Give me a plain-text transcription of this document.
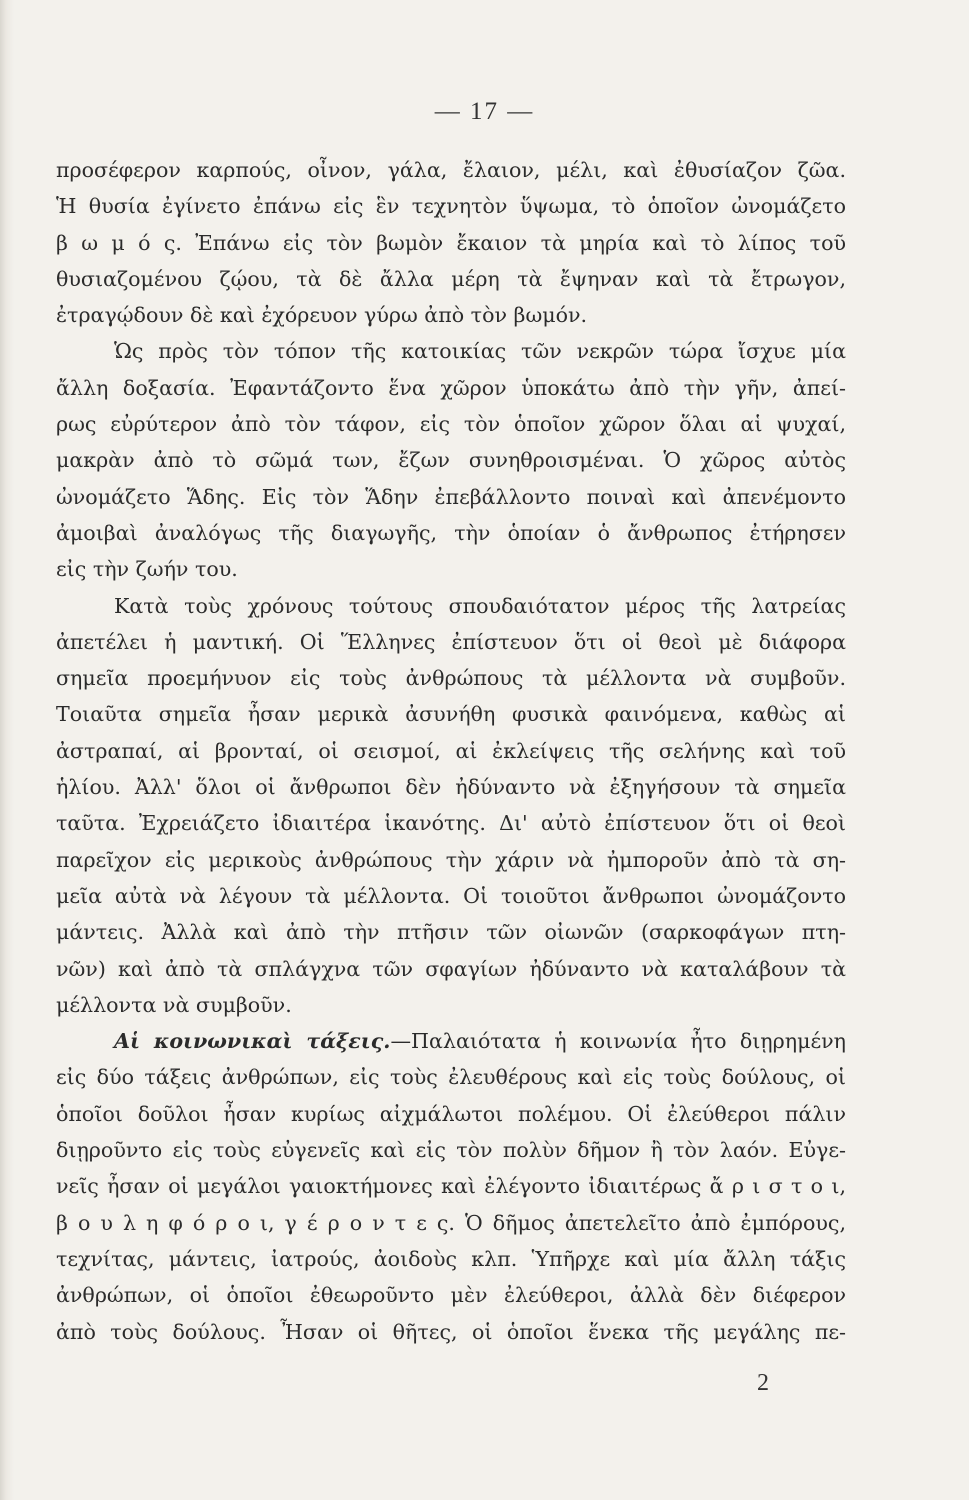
— 17 —
προσέφερον καρπούς, οἶνον, γάλα, ἔλαιον, μέλι, καὶ ἐθυσίαζον ζῶα.
Ἡ θυσία ἐγίνετο ἐπάνω εἰς ἓν τεχνητὸν ὕψωμα, τὸ ὁποῖον ὠνομάζετο
β ω μ ό ς. Ἐπάνω εἰς τὸν βωμὸν ἔκαιον τὰ μηρία καὶ τὸ λίπος τοῦ
θυσιαζομένου ζῴου, τὰ δὲ ἄλλα μέρη τὰ ἔψηναν καὶ τὰ ἔτρωγον,
ἐτραγῴδουν δὲ καὶ ἐχόρευον γύρω ἀπὸ τὸν βωμόν.
Ὡς πρὸς τὸν τόπον τῆς κατοικίας τῶν νεκρῶν τώρα ἴσχυε μία
ἄλλη δοξασία. Ἐφαντάζοντο ἕνα χῶρον ὑποκάτω ἀπὸ τὴν γῆν, ἀπεί-
ρως εὐρύτερον ἀπὸ τὸν τάφον, εἰς τὸν ὁποῖον χῶρον ὅλαι αἱ ψυχαί,
μακρὰν ἀπὸ τὸ σῶμά των, ἔζων συνηθροισμέναι. Ὁ χῶρος αὐτὸς
ὠνομάζετο Ἅδης. Εἰς τὸν Ἅδην ἐπεβάλλοντο ποιναὶ καὶ ἀπενέμοντο
ἀμοιβαὶ ἀναλόγως τῆς διαγωγῆς, τὴν ὁποίαν ὁ ἄνθρωπος ἐτήρησεν
εἰς τὴν ζωήν του.
Κατὰ τοὺς χρόνους τούτους σπουδαιότατον μέρος τῆς λατρείας
ἀπετέλει ἡ μαντική. Οἱ Ἕλληνες ἐπίστευον ὅτι οἱ θεοὶ μὲ διάφορα
σημεῖα προεμήνυον εἰς τοὺς ἀνθρώπους τὰ μέλλοντα νὰ συμβοῦν.
Τοιαῦτα σημεῖα ἦσαν μερικὰ ἀσυνήθη φυσικὰ φαινόμενα, καθὼς αἱ
ἀστραπαί, αἱ βρονταί, οἱ σεισμοί, αἱ ἐκλείψεις τῆς σελήνης καὶ τοῦ
ἡλίου. Ἀλλ' ὅλοι οἱ ἄνθρωποι δὲν ἠδύναντο νὰ ἐξηγήσουν τὰ σημεῖα
ταῦτα. Ἐχρειάζετο ἰδιαιτέρα ἱκανότης. Δι' αὐτὸ ἐπίστευον ὅτι οἱ θεοὶ
παρεῖχον εἰς μερικοὺς ἀνθρώπους τὴν χάριν νὰ ἠμποροῦν ἀπὸ τὰ ση-
μεῖα αὐτὰ νὰ λέγουν τὰ μέλλοντα. Οἱ τοιοῦτοι ἄνθρωποι ὠνομάζοντο
μάντεις. Ἀλλὰ καὶ ἀπὸ τὴν πτῆσιν τῶν οἰωνῶν (σαρκοφάγων πτη-
νῶν) καὶ ἀπὸ τὰ σπλάγχνα τῶν σφαγίων ἠδύναντο νὰ καταλάβουν τὰ
μέλλοντα νὰ συμβοῦν.
Αἱ κοινωνικαὶ τάξεις.—Παλαιότατα ἡ κοινωνία ἦτο διῃρημένη
εἰς δύο τάξεις ἀνθρώπων, εἰς τοὺς ἐλευθέρους καὶ εἰς τοὺς δούλους, οἱ
ὁποῖοι δοῦλοι ἦσαν κυρίως αἰχμάλωτοι πολέμου. Οἱ ἐλεύθεροι πάλιν
διῃροῦντο εἰς τοὺς εὐγενεῖς καὶ εἰς τὸν πολὺν δῆμον ἢ τὸν λαόν. Εὐγε-
νεῖς ἦσαν οἱ μεγάλοι γαιοκτήμονες καὶ ἐλέγοντο ἰδιαιτέρως ἄ ρ ι σ τ ο ι,
β ο υ λ η φ ό ρ ο ι, γ έ ρ ο ν τ ε ς. Ὁ δῆμος ἀπετελεῖτο ἀπὸ ἐμπόρους,
τεχνίτας, μάντεις, ἰατρούς, ἀοιδοὺς κλπ. Ὑπῆρχε καὶ μία ἄλλη τάξις
ἀνθρώπων, οἱ ὁποῖοι ἐθεωροῦντο μὲν ἐλεύθεροι, ἀλλὰ δὲν διέφερον
ἀπὸ τοὺς δούλους. Ἦσαν οἱ θῆτες, οἱ ὁποῖοι ἕνεκα τῆς μεγάλης πε-
2
